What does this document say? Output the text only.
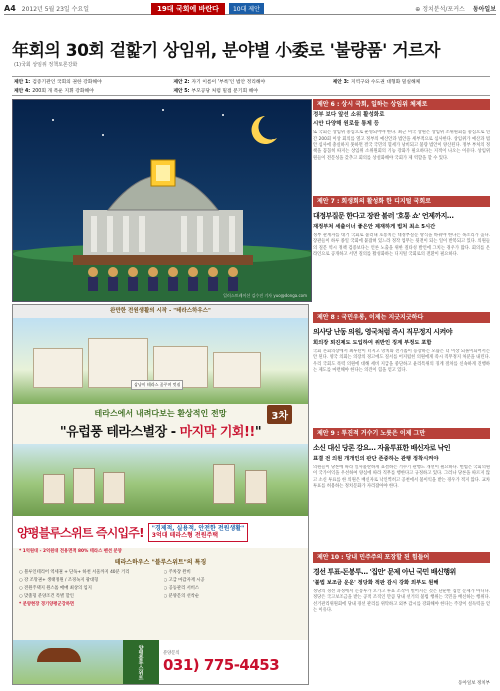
A4 2012년 5월 23일 수요일	19대 국회에 바란다	10대 제안	⊕ 정치분석/포커스 동아일보
年회의 30회 겉핥기 상임위, 분야별 小委로 '불량품' 거르자
(1)국회 상임위 정책토론강화
제안 1: 검증기관인 국회의 권한 강화해야	제안 2: 자기 이름이 '부록'인 법안 정리해야	제안 3: 지역구와 수도권 대형화 밀실해체
제안 4: 200회 개 폭운 지휘 강화해야	제안 5: 부모공당 처럼 밀접 분기회 해야
일러스트레이션 김수진 기자 yuo@donga.com
완만한 전원생활의 시작 - "테라스하우스"
삼냥이 테라스 꿈꾸며 멋짐
테라스에서 내려다보는 환상적인 전망
"유럽풍 테라스별장 - 마지막 기회!!"
3차
양평블루스위트 즉시입주! "경제적, 실용적, 안전한 전원생활"
3억대 테라스형 전원주택
* 1억원대 - 2억원대 전용면적 80% 테라스 펜션 분양
테라스하우스 "블루스위트"의 특징
○ 블루인테리어 역세권 + 단독+ 하천 서울까지 40분 거리	○ 주차장 완비
○ 강 조망권+ 생태정원 / 조경녹지 광대형	○ 고급 마감자재 시공
○ 전원주택지 원스톱 매매 최상의 입지	○ 공동관리 서비스
○ 맞춤형 분양조건 특별 할인	○ 분양문의 선착순
* 분양현장 경기양평군강하면
양평블루스위트	분양문의
031) 775-4453
제안 6 : 상시 국회, 일하는 상임위 체제로
정부 보다 앞선 소위 활성화로
시안 다양해 원로들 통제 등
또 국회는 상임위 중심으로 운영되어야 한다. 최근 미국 상원은 상임위 소위원회를 중심으로 연간 200회 이상 회의를 열고 정부의 예산안과 법안을 세부적으로 심사한다. 상임위가 예산과 법안 심사에 충실하지 못하면 결국 국민의 혈세가 낭비되고 불량 법안이 양산된다. 정부 부처의 정책을 꼼꼼히 따지는 상임위 소위원회의 기능 강화가 필요하다는 지적이 나오는 이유다. 상임위원들이 전문성을 갖추고 회의를 상설화해야 국회가 제 역할을 할 수 있다.
제안 7 : 회생회의 활성화 한 디지털 국회로
대정부질문 한다고 장관 불러 '호통 쇼' 언제까지…
재정부처 세출이너 좋은안 제재하게 법처 최소 5시간
정부 관계자를 대거 국회로 불러내 호통치는 대정부질문 방식을 바꿔야 한다는 목소리가 높다. 장관들이 하루 종일 국회에 붙잡혀 있느라 정작 업무는 뒷전이 되는 일이 반복되고 있다. 의원들의 질문 역시 정책 검증보다는 언론 노출을 위한 질타성 발언에 그치는 경우가 많다. 회의를 온라인으로 공개하고 서면 질의를 활성화하는 디지털 국회로의 전환이 필요하다.
제안 8 : 국민우롱, 이제는 지긋지긋하다
의사당 난동 의원, 영국처럼 즉시 직무정지 시켜야
회의장 퇴진제도 도입하여 위반인 징계 부정도 포함
국회 본회의장에서 최루탄이 터지고 망치와 전기톱이 등장하는 모습은 더 이상 되풀이되어서는 안 된다. 영국 의회는 의장의 경고에도 질서를 어지럽힌 의원에게 즉시 직무정지 처분을 내린다. 우리 국회도 폭력 의원에 대해 세비 지급을 중단하고 윤리특위의 징계 절차를 신속하게 진행하는 제도를 마련해야 한다는 의견이 힘을 얻고 있다.
제안 9 : 투진적 거수기 노릇은 이제 그만
소신 대신 당론 강요… 자율투표한 배신자로 낙인
표결 전 의원 개개인의 판단 존중하는 관행 정착시켜야
의원들이 당론에 따라 일사불란하게 표결하는 거수기 관행도 개선이 필요하다. 헌법은 국회의원이 국가이익을 우선하여 양심에 따라 직무를 행한다고 규정하고 있다. 그러나 당론을 따르지 않고 소신 투표를 한 의원은 배신자로 낙인찍히고 공천에서 불이익을 받는 경우가 적지 않다. 교차투표를 허용하는 정치문화가 자리잡아야 한다.
제안 10 : 당내 민주주의 포장할 된 힘들어
경선 투표-돈봉투… '집안' 문제 아닌 국민 배신행위
'불법 보조금 운운' 정당화 적판 감시 강화 외부도 원해
정당의 경선 과정에서 돈봉투가 오가고 투표 조작이 벌어지는 것은 단순한 집안 문제가 아니다. 정당은 국고보조금을 받는 공적 조직인 만큼 당내 선거의 불법 행위는 국민을 배신하는 행위다. 선거관리위원회에 당내 경선 관리를 위탁하고 외부 감시를 강화해야 한다는 주장이 설득력을 얻는 이유다.
동아일보 정치부
